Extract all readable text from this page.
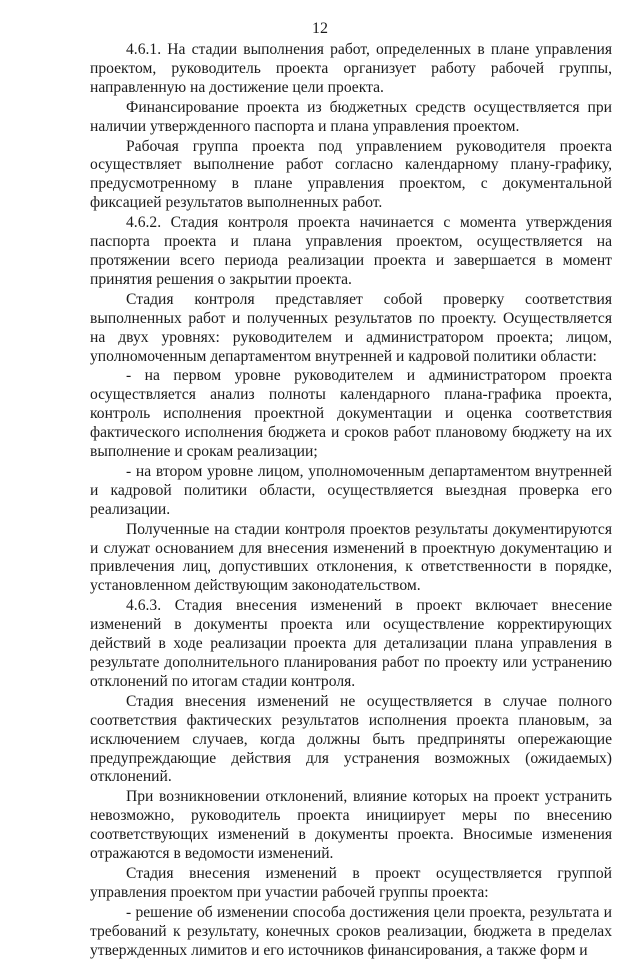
12

4.6.1. На стадии выполнения работ, определенных в плане управления проектом, руководитель проекта организует работу рабочей группы, направленную на достижение цели проекта.

Финансирование проекта из бюджетных средств осуществляется при наличии утвержденного паспорта и плана управления проектом.

Рабочая группа проекта под управлением руководителя проекта осуществляет выполнение работ согласно календарному плану-графику, предусмотренному в плане управления проектом, с документальной фиксацией результатов выполненных работ.

4.6.2. Стадия контроля проекта начинается с момента утверждения паспорта проекта и плана управления проектом, осуществляется на протяжении всего периода реализации проекта и завершается в момент принятия решения о закрытии проекта.

Стадия контроля представляет собой проверку соответствия выполненных работ и полученных результатов по проекту. Осуществляется на двух уровнях: руководителем и администратором проекта; лицом, уполномоченным департаментом внутренней и кадровой политики области:

- на первом уровне руководителем и администратором проекта осуществляется анализ полноты календарного плана-графика проекта, контроль исполнения проектной документации и оценка соответствия фактического исполнения бюджета и сроков работ плановому бюджету на их выполнение и срокам реализации;

- на втором уровне лицом, уполномоченным департаментом внутренней и кадровой политики области, осуществляется выездная проверка его реализации.

Полученные на стадии контроля проектов результаты документируются и служат основанием для внесения изменений в проектную документацию и привлечения лиц, допустивших отклонения, к ответственности в порядке, установленном действующим законодательством.

4.6.3. Стадия внесения изменений в проект включает внесение изменений в документы проекта или осуществление корректирующих действий в ходе реализации проекта для детализации плана управления в результате дополнительного планирования работ по проекту или устранению отклонений по итогам стадии контроля.

Стадия внесения изменений не осуществляется в случае полного соответствия фактических результатов исполнения проекта плановым, за исключением случаев, когда должны быть предприняты опережающие предупреждающие действия для устранения возможных (ожидаемых) отклонений.

При возникновении отклонений, влияние которых на проект устранить невозможно, руководитель проекта инициирует меры по внесению соответствующих изменений в документы проекта. Вносимые изменения отражаются в ведомости изменений.

Стадия внесения изменений в проект осуществляется группой управления проектом при участии рабочей группы проекта:

- решение об изменении способа достижения цели проекта, результата и требований к результату, конечных сроков реализации, бюджета в пределах утвержденных лимитов и его источников финансирования, а также форм и
